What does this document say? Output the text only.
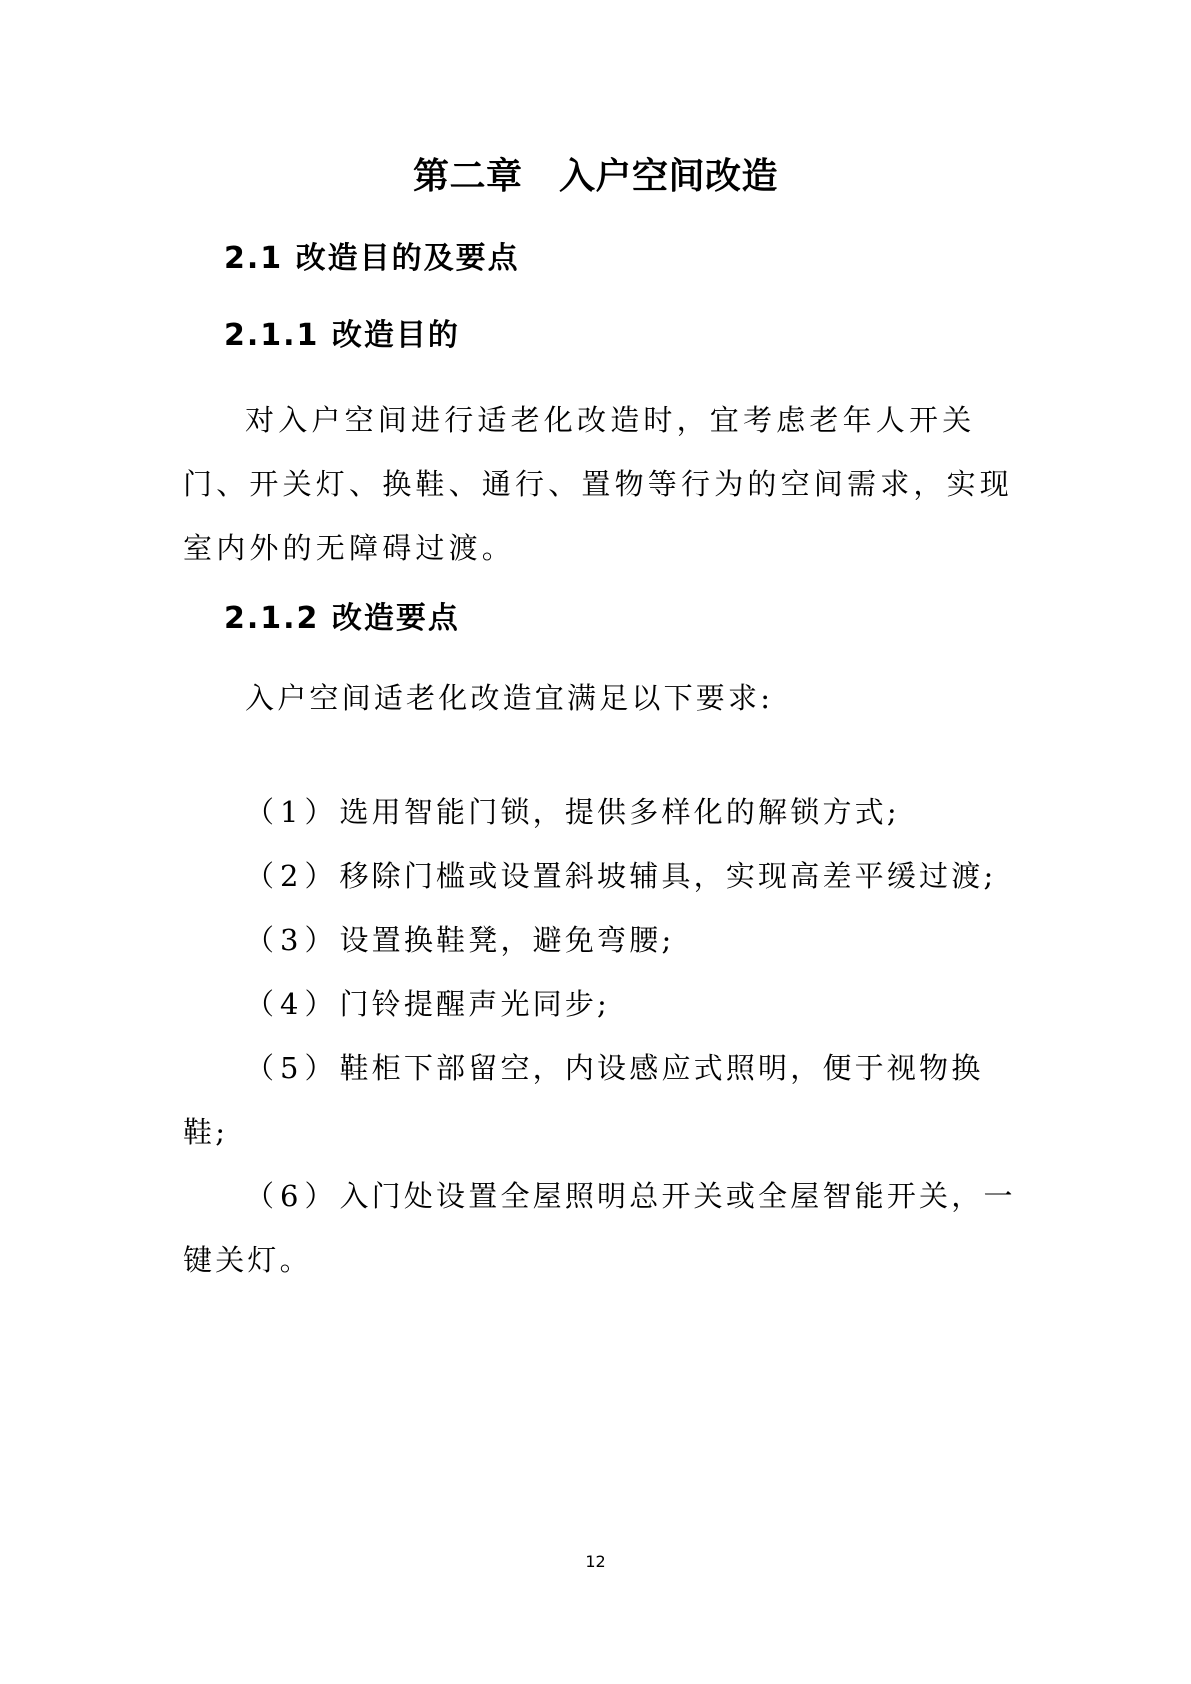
第二章　入户空间改造
2.1 改造目的及要点
2.1.1 改造目的

对入户空间进行适老化改造时，宜考虑老年人开关门、开关灯、换鞋、通行、置物等行为的空间需求，实现室内外的无障碍过渡。

2.1.2 改造要点

入户空间适老化改造宜满足以下要求:

（1）选用智能门锁，提供多样化的解锁方式;
（2）移除门槛或设置斜坡辅具，实现高差平缓过渡;
（3）设置换鞋凳，避免弯腰;
（4）门铃提醒声光同步;
（5）鞋柜下部留空，内设感应式照明，便于视物换鞋;
（6）入门处设置全屋照明总开关或全屋智能开关，一键关灯。

12
